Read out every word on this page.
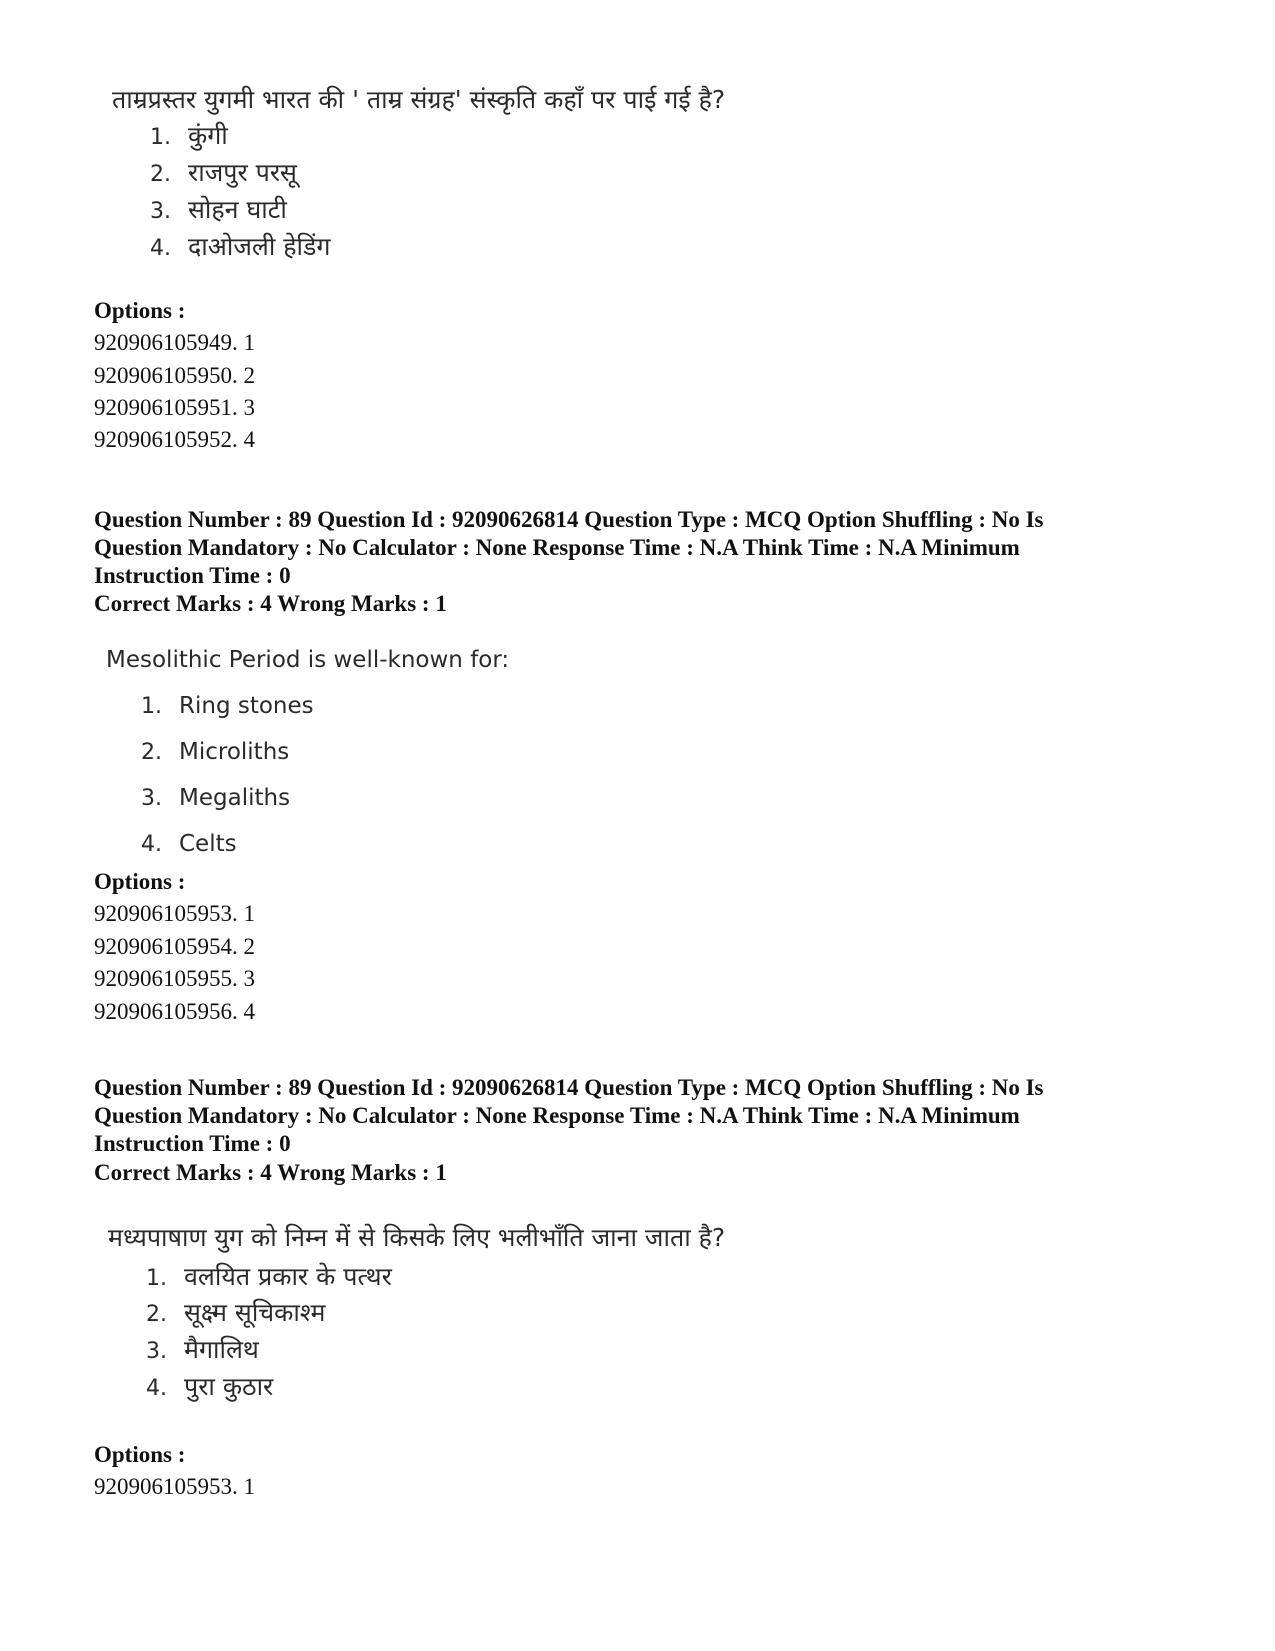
ताम्रप्रस्तर युगमी भारत की ' ताम्र संग्रह' संस्कृति कहाँ पर पाई गई है?
1. कुंगी
2. राजपुर परसू
3. सोहन घाटी
4. दाओजली हेडिंग
Options :
920906105949. 1
920906105950. 2
920906105951. 3
920906105952. 4
Question Number : 89 Question Id : 92090626814 Question Type : MCQ Option Shuffling : No Is
Question Mandatory : No Calculator : None Response Time : N.A Think Time : N.A Minimum
Instruction Time : 0
Correct Marks : 4 Wrong Marks : 1
Mesolithic Period is well-known for:
1. Ring stones
2. Microliths
3. Megaliths
4. Celts
Options :
920906105953. 1
920906105954. 2
920906105955. 3
920906105956. 4
Question Number : 89 Question Id : 92090626814 Question Type : MCQ Option Shuffling : No Is
Question Mandatory : No Calculator : None Response Time : N.A Think Time : N.A Minimum
Instruction Time : 0
Correct Marks : 4 Wrong Marks : 1
मध्यपाषाण युग को निम्न में से किसके लिए भलीभाँति जाना जाता है?
1. वलयित प्रकार के पत्थर
2. सूक्ष्म सूचिकाश्म
3. मैगालिथ
4. पुरा कुठार
Options :
920906105953. 1
